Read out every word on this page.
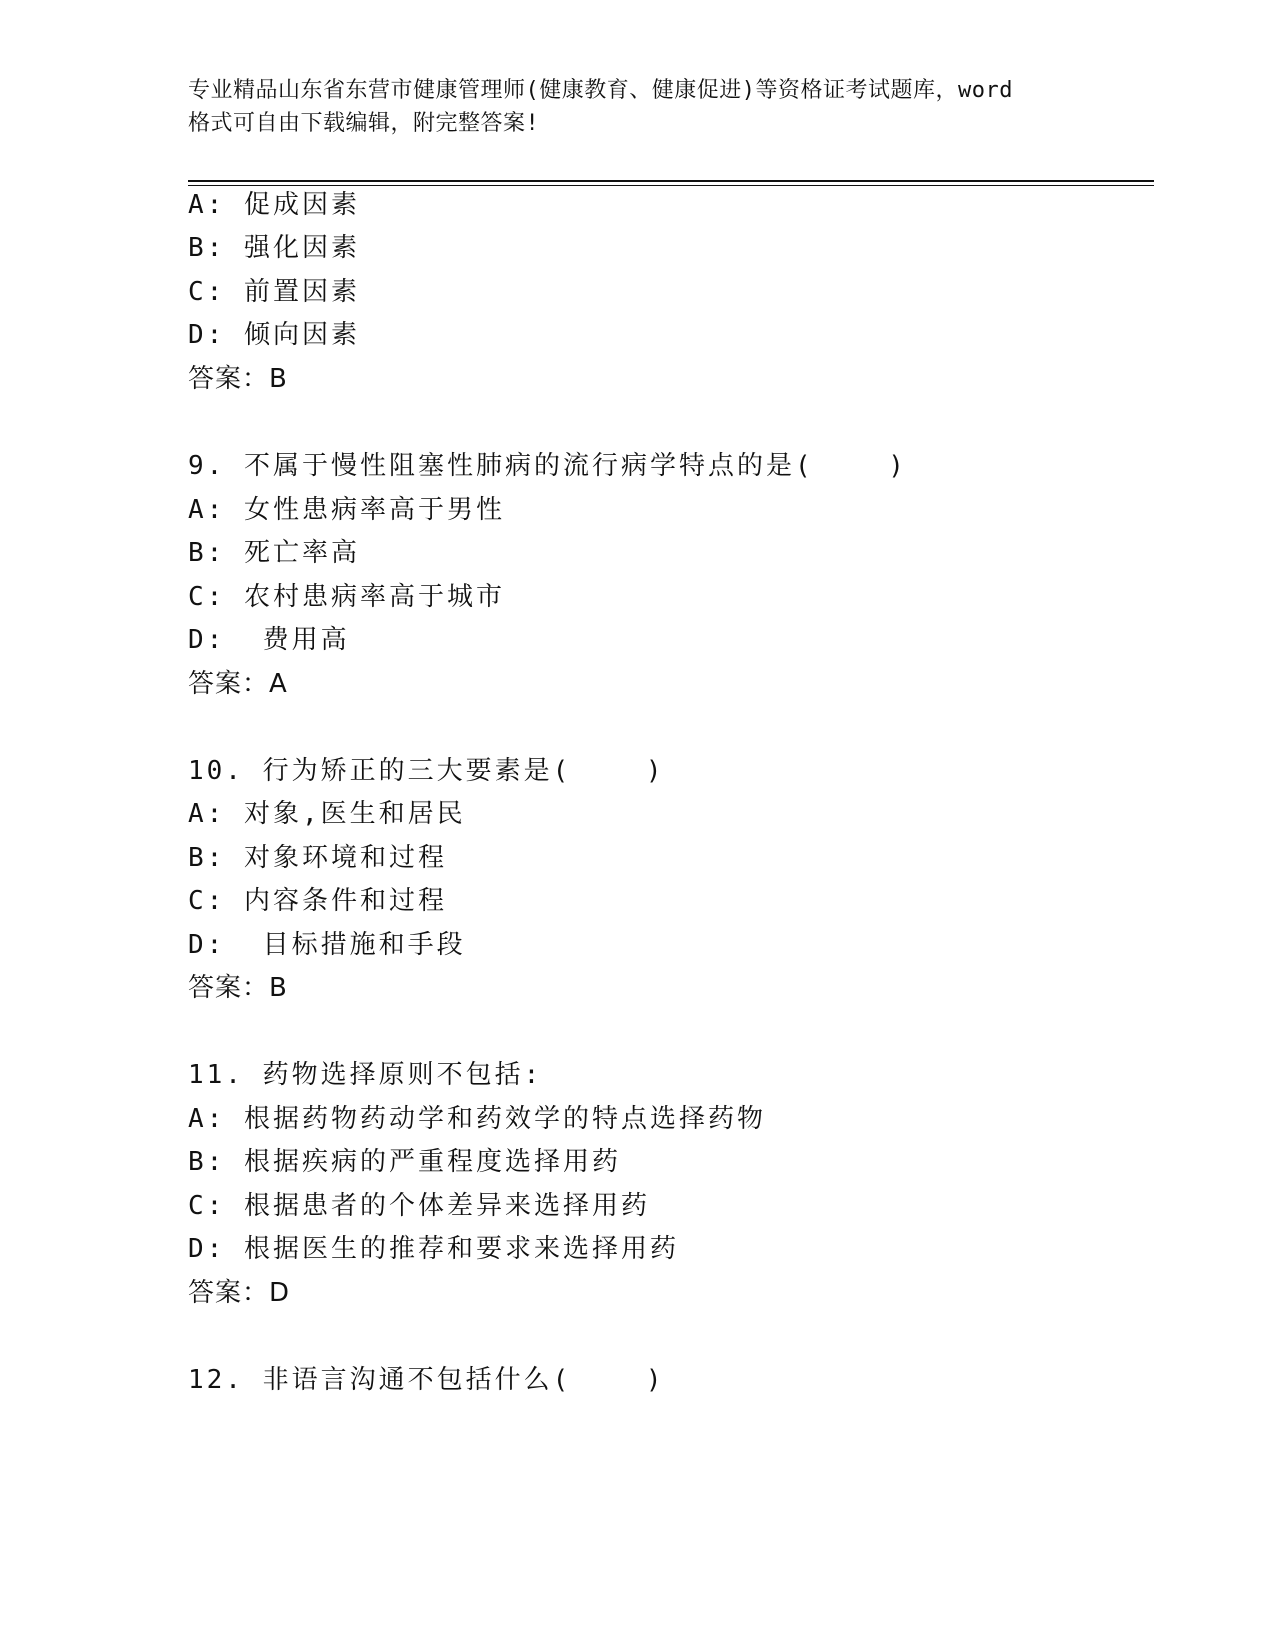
专业精品山东省东营市健康管理师(健康教育、健康促进)等资格证考试题库，word
格式可自由下载编辑，附完整答案!
A: 促成因素
B: 强化因素
C: 前置因素
D: 倾向因素
答案：B
9. 不属于慢性阻塞性肺病的流行病学特点的是(    )
A: 女性患病率高于男性
B: 死亡率高
C: 农村患病率高于城市
D:  费用高
答案：A
10. 行为矫正的三大要素是(    )
A: 对象,医生和居民
B: 对象环境和过程
C: 内容条件和过程
D:  目标措施和手段
答案：B
11. 药物选择原则不包括:
A: 根据药物药动学和药效学的特点选择药物
B: 根据疾病的严重程度选择用药
C: 根据患者的个体差异来选择用药
D: 根据医生的推荐和要求来选择用药
答案：D
12. 非语言沟通不包括什么(    )
